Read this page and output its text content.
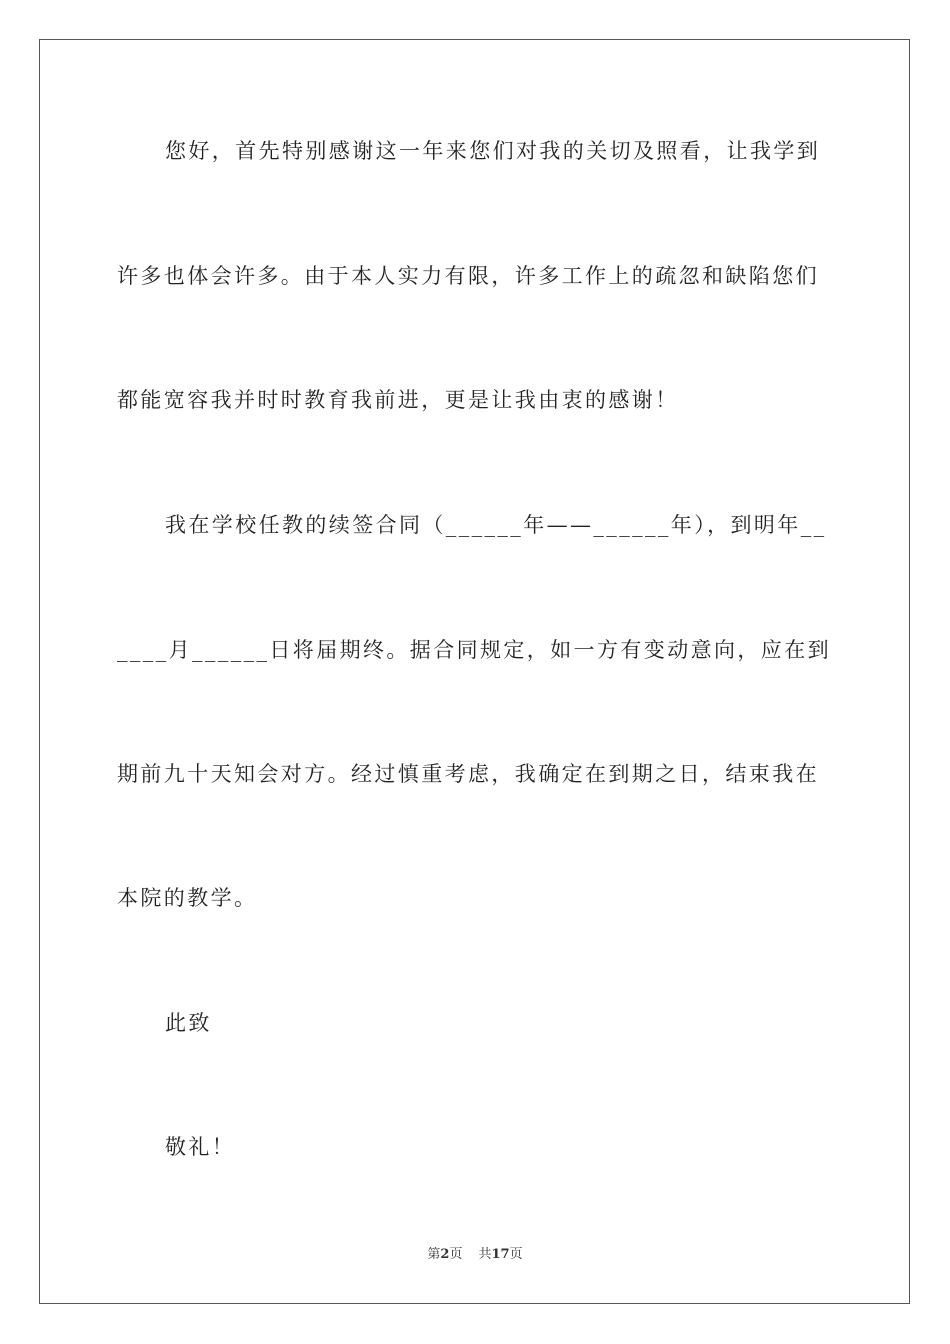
您好，首先特别感谢这一年来您们对我的关切及照看，让我学到
许多也体会许多。由于本人实力有限，许多工作上的疏忽和缺陷您们
都能宽容我并时时教育我前进，更是让我由衷的感谢！
我在学校任教的续签合同（______年——______年），到明年__
____月______日将届期终。据合同规定，如一方有变动意向，应在到
期前九十天知会对方。经过慎重考虑，我确定在到期之日，结束我在
本院的教学。
此致
敬礼！
第2页 共17页
